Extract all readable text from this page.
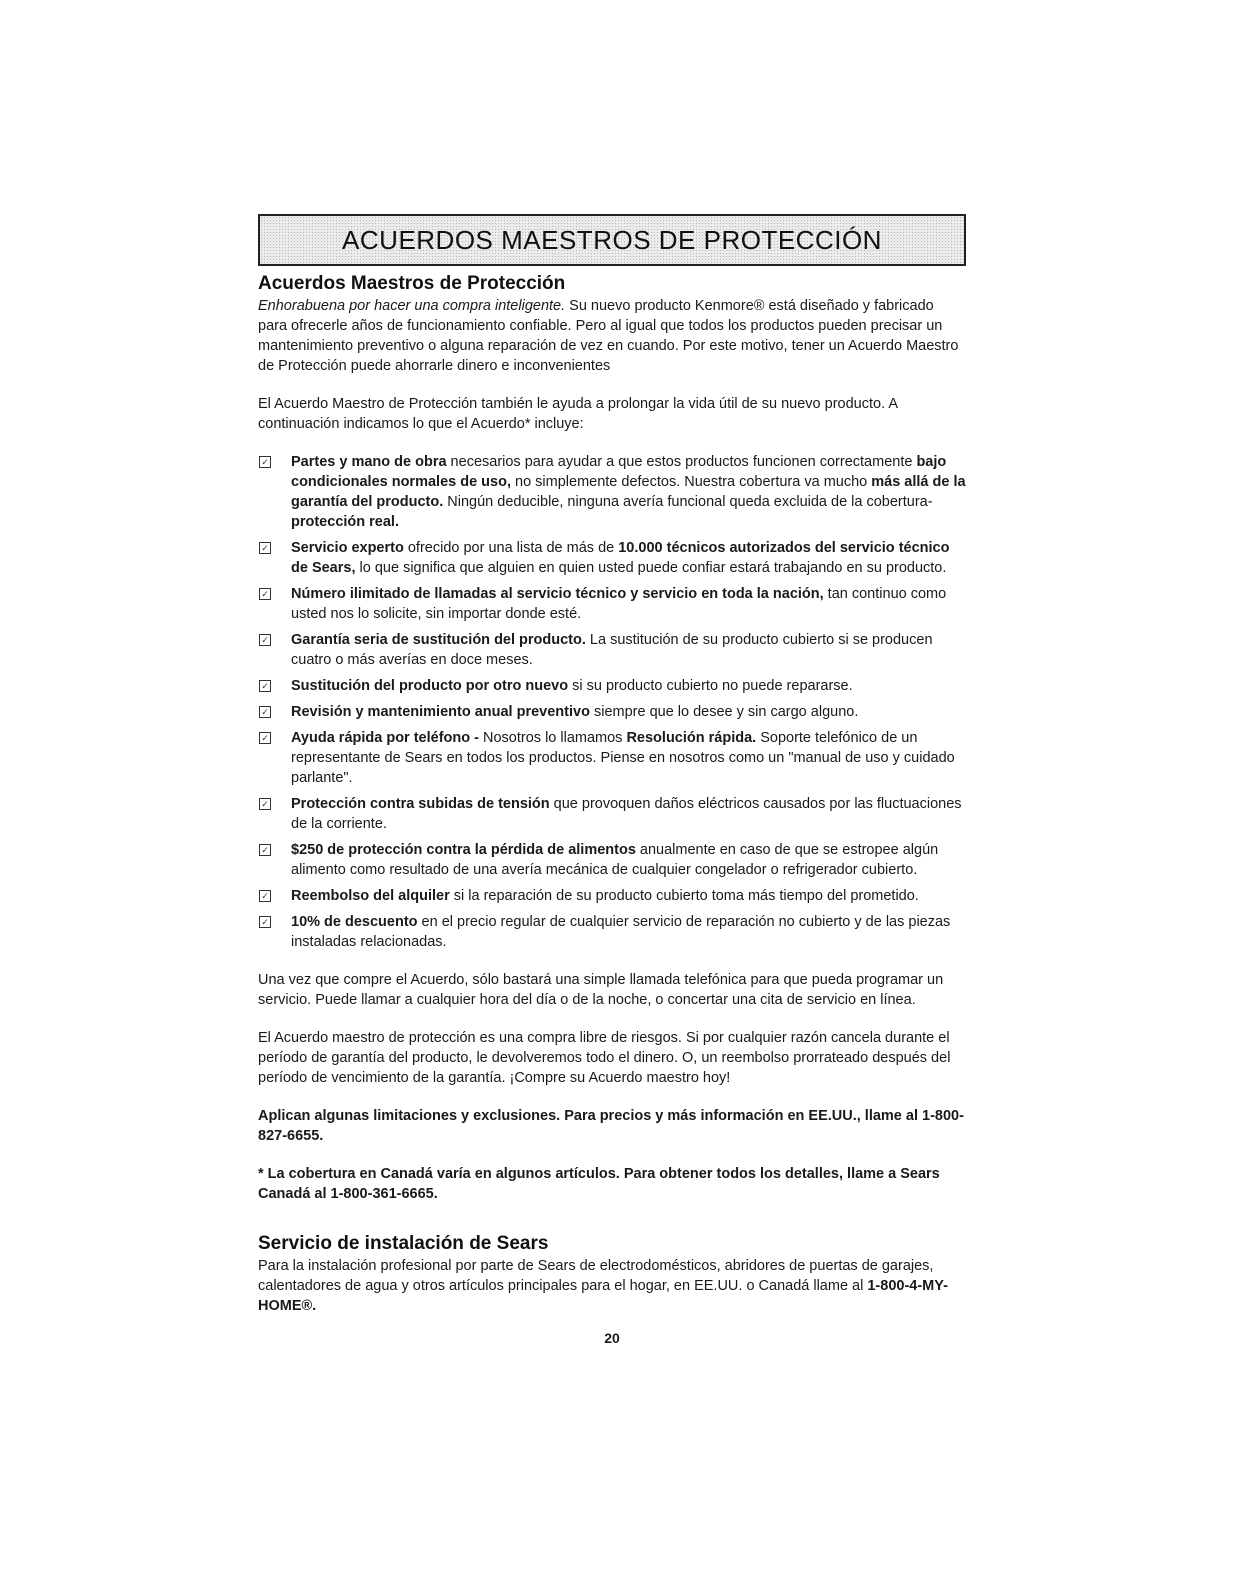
ACUERDOS MAESTROS DE PROTECCIÓN
Acuerdos Maestros de Protección

Enhorabuena por hacer una compra inteligente. Su nuevo producto Kenmore® está diseñado y fabricado para ofrecerle años de funcionamiento confiable. Pero al igual que todos los productos pueden precisar un mantenimiento preventivo o alguna reparación de vez en cuando. Por este motivo, tener un Acuerdo Maestro de Protección puede ahorrarle dinero e inconvenientes

El Acuerdo Maestro de Protección también le ayuda a prolongar la vida útil de su nuevo producto. A continuación indicamos lo que el Acuerdo* incluye:

✓ Partes y mano de obra necesarios para ayudar a que estos productos funcionen correctamente bajo condicionales normales de uso, no simplemente defectos. Nuestra cobertura va mucho más allá de la garantía del producto. Ningún deducible, ninguna avería funcional queda excluida de la cobertura- protección real.
✓ Servicio experto ofrecido por una lista de más de 10.000 técnicos autorizados del servicio técnico de Sears, lo que significa que alguien en quien usted puede confiar estará trabajando en su producto.
✓ Número ilimitado de llamadas al servicio técnico y servicio en toda la nación, tan continuo como usted nos lo solicite, sin importar donde esté.
✓ Garantía seria de sustitución del producto. La sustitución de su producto cubierto si se producen cuatro o más averías en doce meses.
✓ Sustitución del producto por otro nuevo si su producto cubierto no puede repararse.
✓ Revisión y mantenimiento anual preventivo siempre que lo desee y sin cargo alguno.
✓ Ayuda rápida por teléfono - Nosotros lo llamamos Resolución rápida. Soporte telefónico de un representante de Sears en todos los productos. Piense en nosotros como un "manual de uso y cuidado parlante".
✓ Protección contra subidas de tensión que provoquen daños eléctricos causados por las fluctuaciones de la corriente.
✓ $250 de protección contra la pérdida de alimentos anualmente en caso de que se estropee algún alimento como resultado de una avería mecánica de cualquier congelador o refrigerador cubierto.
✓ Reembolso del alquiler si la reparación de su producto cubierto toma más tiempo del prometido.
✓ 10% de descuento en el precio regular de cualquier servicio de reparación no cubierto y de las piezas instaladas relacionadas.

Una vez que compre el Acuerdo, sólo bastará una simple llamada telefónica para que pueda programar un servicio. Puede llamar a cualquier hora del día o de la noche, o concertar una cita de servicio en línea.

El Acuerdo maestro de protección es una compra libre de riesgos. Si por cualquier razón cancela durante el período de garantía del producto, le devolveremos todo el dinero. O, un reembolso prorrateado después del período de vencimiento de la garantía. ¡Compre su Acuerdo maestro hoy!

Aplican algunas limitaciones y exclusiones. Para precios y más información en EE.UU., llame al 1-800-827-6655.
* La cobertura en Canadá varía en algunos artículos. Para obtener todos los detalles, llame a Sears Canadá al 1-800-361-6665.
Servicio de instalación de Sears

Para la instalación profesional por parte de Sears de electrodomésticos, abridores de puertas de garajes, calentadores de agua y otros artículos principales para el hogar, en EE.UU. o Canadá llame al 1-800-4-MY-HOME®.

20
